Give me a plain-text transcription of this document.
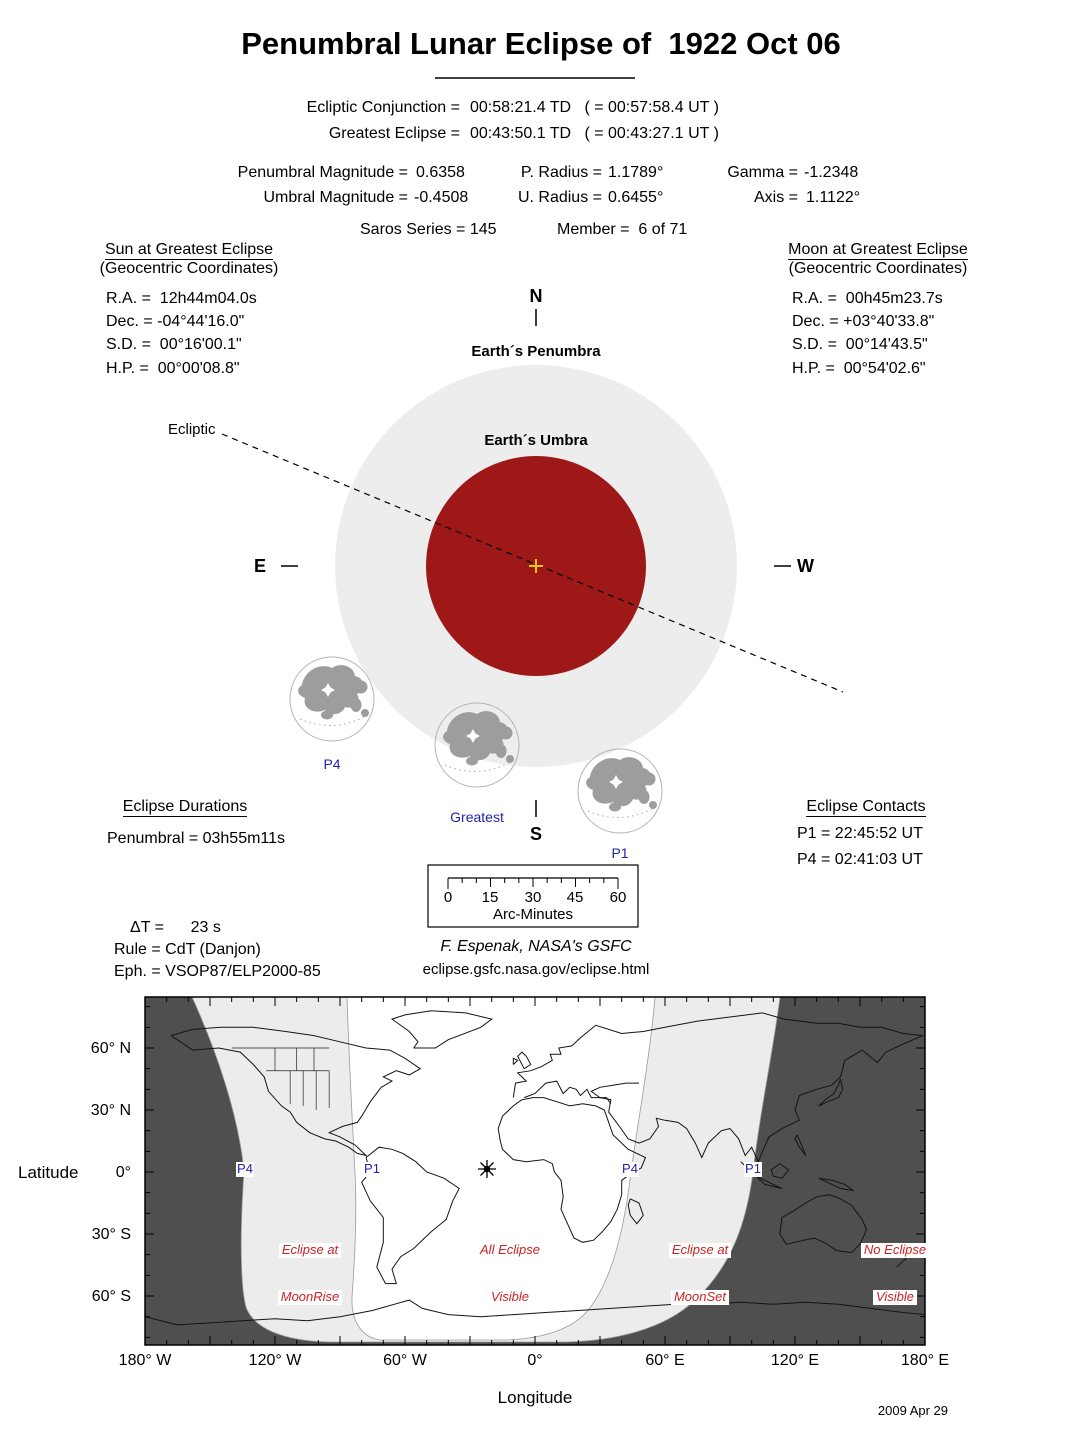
Penumbral Lunar Eclipse of  1922 Oct 06
Ecliptic Conjunction = 00:58:21.4 TD   ( = 00:57:58.4 UT )
Greatest Eclipse = 00:43:50.1 TD   ( = 00:43:27.1 UT )
Penumbral Magnitude = 0.6358	P. Radius = 1.1789°	Gamma = -1.2348
Umbral Magnitude = -0.4508	U. Radius = 0.6455°	Axis = 1.1122°
Saros Series = 145	Member =  6 of 71
Sun at Greatest Eclipse
(Geocentric Coordinates)
R.A. =  12h44m04.0s
Dec. = -04°44'16.0"
S.D. =  00°16'00.1"
H.P. =  00°00'08.8"
Moon at Greatest Eclipse
(Geocentric Coordinates)
R.A. =  00h45m23.7s
Dec. = +03°40'33.8"
S.D. =  00°14'43.5"
H.P. =  00°54'02.6"
N
Earth´s Penumbra
Earth´s Umbra
Ecliptic
E	W
S
P4
Greatest
P1
Eclipse Durations
Penumbral = 03h55m11s
Eclipse Contacts
P1 = 22:45:52 UT
P4 = 02:41:03 UT
0	15	30	45	60
Arc-Minutes
ΔT =      23 s
Rule = CdT (Danjon)
Eph. = VSOP87/ELP2000-85
F. Espenak, NASA's GSFC
eclipse.gsfc.nasa.gov/eclipse.html
Latitude
60° N
30° N
0°
30° S
60° S
180° W	120° W	60° W	0°	60° E	120° E	180° E
Longitude

Eclipse at

MoonRise

All Eclipse

Visible

Eclipse at

MoonSet

No Eclipse

Visible

P4	P1	P4	P1
2009 Apr 29
